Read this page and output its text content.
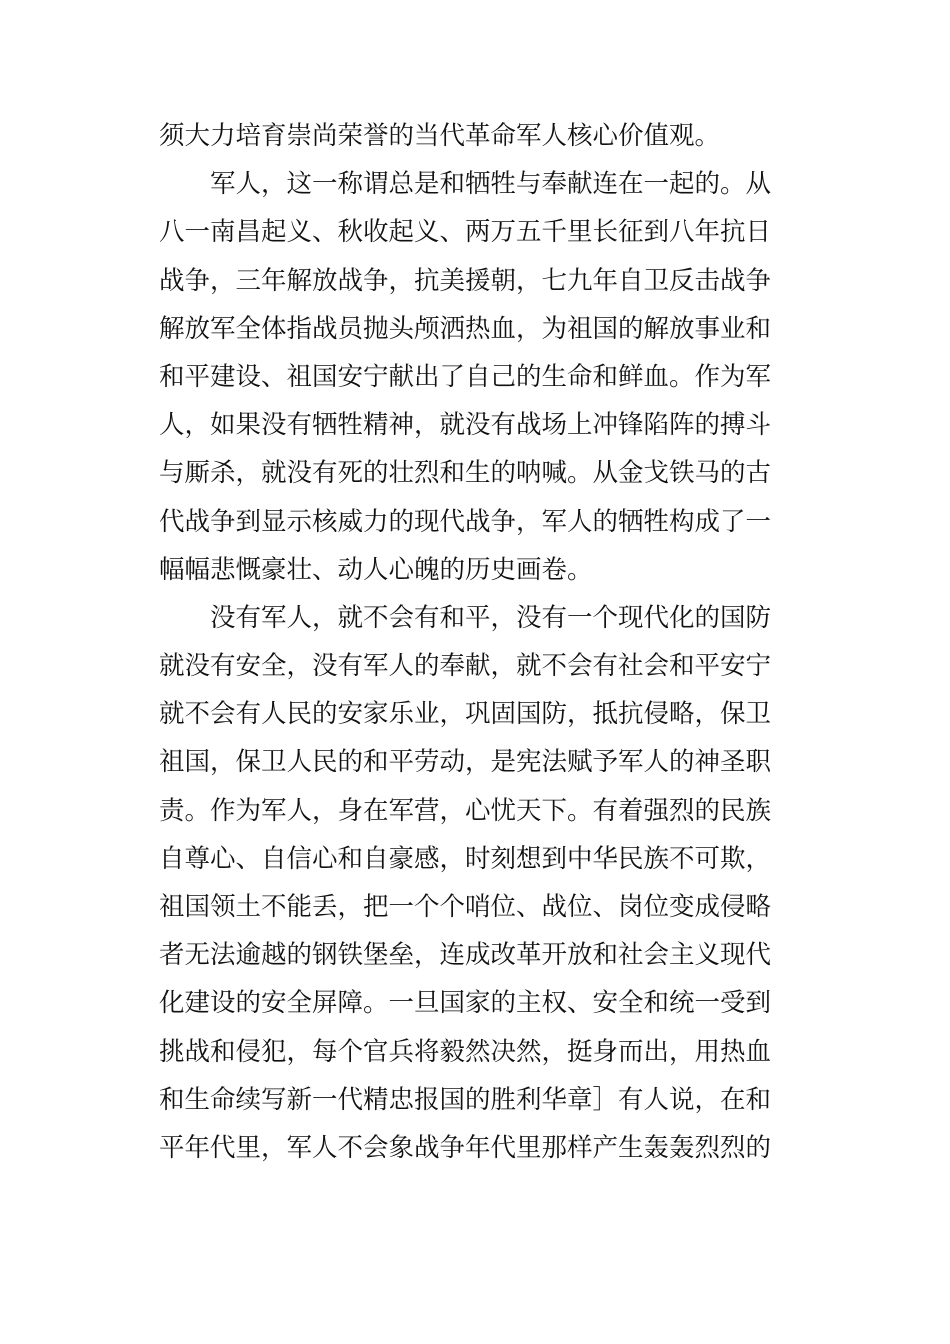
须大力培育崇尚荣誉的当代革命军人核心价值观。

军人，这一称谓总是和牺牲与奉献连在一起的。从

八一南昌起义、秋收起义、两万五千里长征到八年抗日

战争，三年解放战争，抗美援朝，七九年自卫反击战争

解放军全体指战员抛头颅洒热血，为祖国的解放事业和

和平建设、祖国安宁献出了自己的生命和鲜血。作为军

人，如果没有牺牲精神，就没有战场上冲锋陷阵的搏斗

与厮杀，就没有死的壮烈和生的呐喊。从金戈铁马的古

代战争到显示核威力的现代战争，军人的牺牲构成了一

幅幅悲慨豪壮、动人心魄的历史画卷。

没有军人，就不会有和平，没有一个现代化的国防

就没有安全，没有军人的奉献，就不会有社会和平安宁

就不会有人民的安家乐业，巩固国防，抵抗侵略，保卫

祖国，保卫人民的和平劳动，是宪法赋予军人的神圣职

责。作为军人，身在军营，心忧天下。有着强烈的民族

自尊心、自信心和自豪感，时刻想到中华民族不可欺，

祖国领土不能丢，把一个个哨位、战位、岗位变成侵略

者无法逾越的钢铁堡垒，连成改革开放和社会主义现代

化建设的安全屏障。一旦国家的主权、安全和统一受到

挑战和侵犯，每个官兵将毅然决然，挺身而出，用热血

和生命续写新一代精忠报国的胜利华章］有人说，在和

平年代里，军人不会象战争年代里那样产生轰轰烈烈的
